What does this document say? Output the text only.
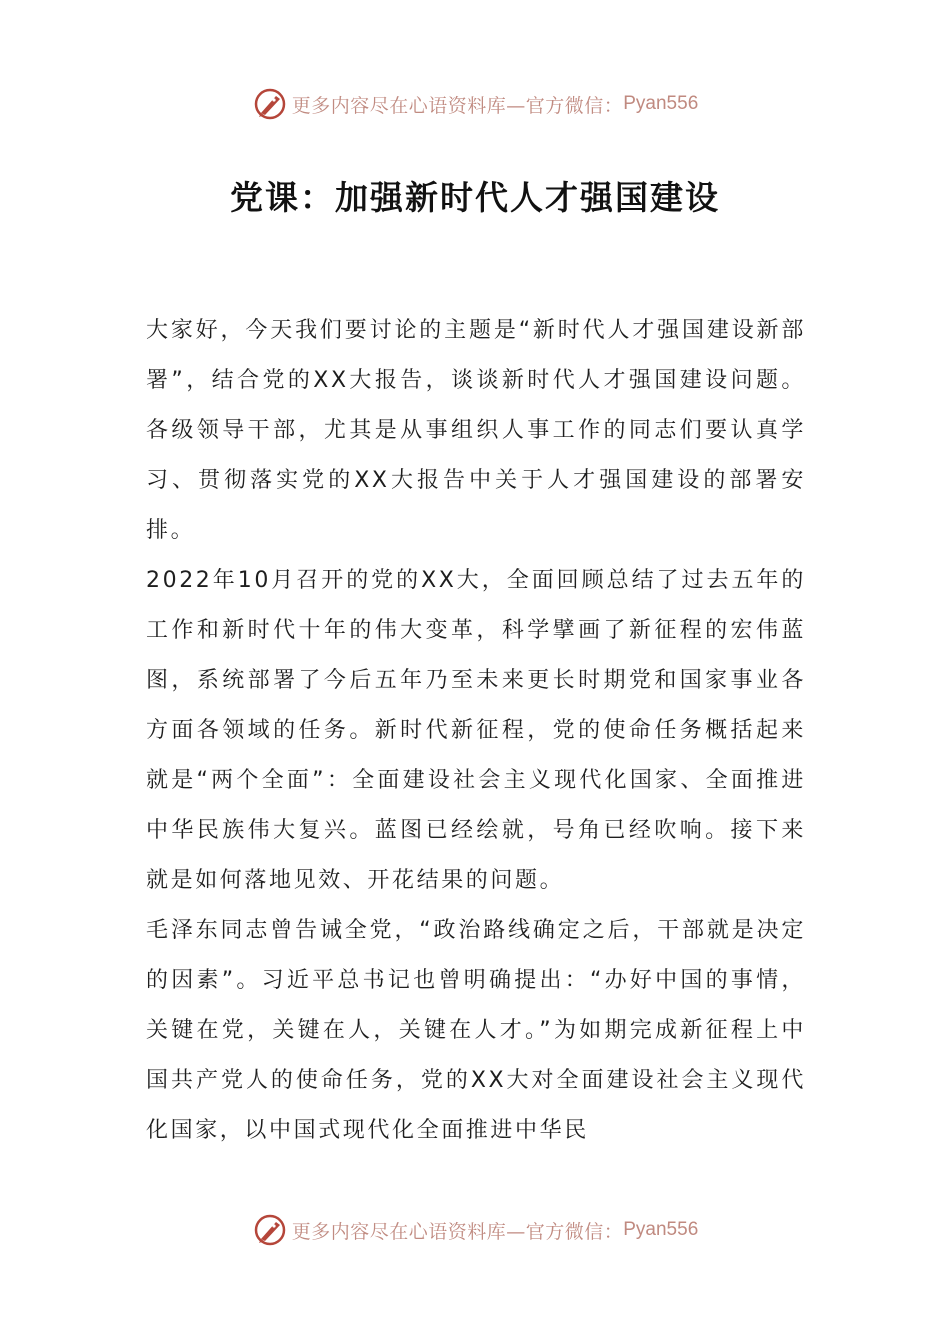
更多内容尽在心语资料库—官方微信： Pyan556
党课：加强新时代人才强国建设

大家好，今天我们要讨论的主题是“新时代人才强国建设新部署”，结合党的XX大报告，谈谈新时代人才强国建设问题。各级领导干部，尤其是从事组织人事工作的同志们要认真学习、贯彻落实党的XX大报告中关于人才强国建设的部署安排。

2022年10月召开的党的XX大，全面回顾总结了过去五年的工作和新时代十年的伟大变革，科学擘画了新征程的宏伟蓝图，系统部署了今后五年乃至未来更长时期党和国家事业各方面各领域的任务。新时代新征程，党的使命任务概括起来就是“两个全面”：全面建设社会主义现代化国家、全面推进中华民族伟大复兴。蓝图已经绘就，号角已经吹响。接下来就是如何落地见效、开花结果的问题。

毛泽东同志曾告诫全党，“政治路线确定之后，干部就是决定的因素”。习近平总书记也曾明确提出：“办好中国的事情，关键在党，关键在人，关键在人才。”为如期完成新征程上中国共产党人的使命任务，党的XX大对全面建设社会主义现代化国家，以中国式现代化全面推进中华民

更多内容尽在心语资料库—官方微信： Pyan556
